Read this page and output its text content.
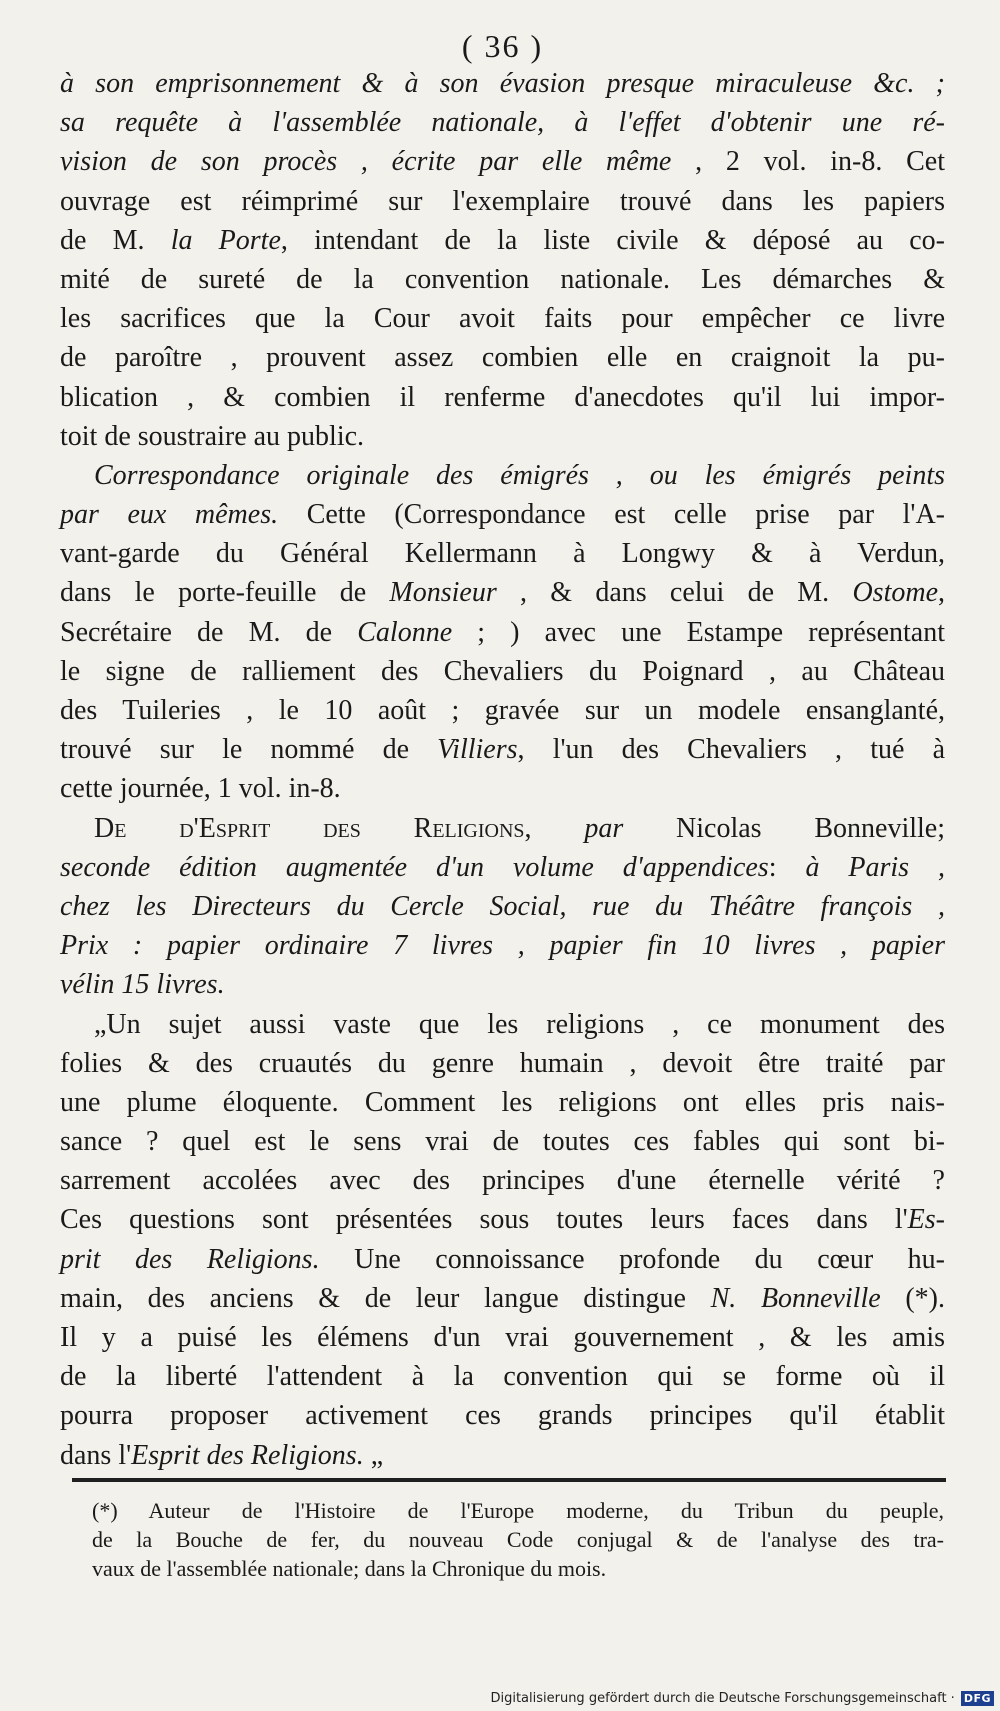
( 36 )
à son emprisonnement & à son évasion presque miraculeuse &c. ;
sa requête à l'assemblée nationale, à l'effet d'obtenir une ré-
vision de son procès , écrite par elle même , 2 vol. in-8. Cet
ouvrage est réimprimé sur l'exemplaire trouvé dans les papiers
de M. la Porte, intendant de la liste civile & déposé au co-
mité de sureté de la convention nationale. Les démarches &
les sacrifices que la Cour avoit faits pour empêcher ce livre
de paroître , prouvent assez combien elle en craignoit la pu-
blication , & combien il renferme d'anecdotes qu'il lui impor-
toit de soustraire au public.
Correspondance originale des émigrés , ou les émigrés peints
par eux mêmes. Cette (Correspondance est celle prise par l'A-
vant-garde du Général Kellermann à Longwy & à Verdun,
dans le porte-feuille de Monsieur , & dans celui de M. Ostome,
Secrétaire de M. de Calonne ; ) avec une Estampe représentant
le signe de ralliement des Chevaliers du Poignard , au Château
des Tuileries , le 10 août ; gravée sur un modele ensanglanté,
trouvé sur le nommé de Villiers, l'un des Chevaliers , tué à
cette journée, 1 vol. in-8.
De d'Esprit des Religions, par Nicolas Bonneville;
seconde édition augmentée d'un volume d'appendices: à Paris ,
chez les Directeurs du Cercle Social, rue du Théâtre françois ,
Prix : papier ordinaire 7 livres , papier fin 10 livres , papier
vélin 15 livres.
„Un sujet aussi vaste que les religions , ce monument des
folies & des cruautés du genre humain , devoit être traité par
une plume éloquente. Comment les religions ont elles pris nais-
sance ? quel est le sens vrai de toutes ces fables qui sont bi-
sarrement accolées avec des principes d'une éternelle vérité ?
Ces questions sont présentées sous toutes leurs faces dans l'Es-
prit des Religions. Une connoissance profonde du cœur hu-
main, des anciens & de leur langue distingue N. Bonneville (*).
Il y a puisé les élémens d'un vrai gouvernement , & les amis
de la liberté l'attendent à la convention qui se forme où il
pourra proposer activement ces grands principes qu'il établit
dans l'Esprit des Religions. „
(*) Auteur de l'Histoire de l'Europe moderne, du Tribun du peuple,
de la Bouche de fer, du nouveau Code conjugal & de l'analyse des tra-
vaux de l'assemblée nationale; dans la Chronique du mois.
Digitalisierung gefördert durch die Deutsche Forschungsgemeinschaft · DFG
